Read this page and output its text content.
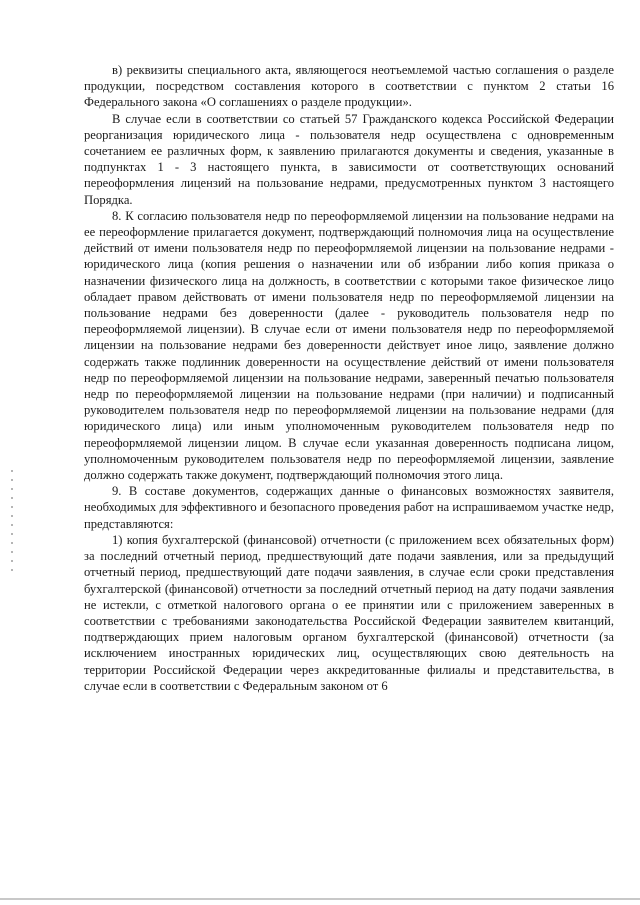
в) реквизиты специального акта, являющегося неотъемлемой частью соглашения о разделе продукции, посредством составления которого в соответствии с пунктом 2 статьи 16 Федерального закона «О соглашениях о разделе продукции».

В случае если в соответствии со статьей 57 Гражданского кодекса Российской Федерации реорганизация юридического лица - пользователя недр осуществлена с одновременным сочетанием ее различных форм, к заявлению прилагаются документы и сведения, указанные в подпунктах 1 - 3 настоящего пункта, в зависимости от соответствующих оснований переоформления лицензий на пользование недрами, предусмотренных пунктом 3 настоящего Порядка.

8. К согласию пользователя недр по переоформляемой лицензии на пользование недрами на ее переоформление прилагается документ, подтверждающий полномочия лица на осуществление действий от имени пользователя недр по переоформляемой лицензии на пользование недрами - юридического лица (копия решения о назначении или об избрании либо копия приказа о назначении физического лица на должность, в соответствии с которыми такое физическое лицо обладает правом действовать от имени пользователя недр по переоформляемой лицензии на пользование недрами без доверенности (далее - руководитель пользователя недр по переоформляемой лицензии). В случае если от имени пользователя недр по переоформляемой лицензии на пользование недрами без доверенности действует иное лицо, заявление должно содержать также подлинник доверенности на осуществление действий от имени пользователя недр по переоформляемой лицензии на пользование недрами, заверенный печатью пользователя недр по переоформляемой лицензии на пользование недрами (при наличии) и подписанный руководителем пользователя недр по переоформляемой лицензии на пользование недрами (для юридического лица) или иным уполномоченным руководителем пользователя недр по переоформляемой лицензии лицом. В случае если указанная доверенность подписана лицом, уполномоченным руководителем пользователя недр по переоформляемой лицензии, заявление должно содержать также документ, подтверждающий полномочия этого лица.

9. В составе документов, содержащих данные о финансовых возможностях заявителя, необходимых для эффективного и безопасного проведения работ на испрашиваемом участке недр, представляются:

1) копия бухгалтерской (финансовой) отчетности (с приложением всех обязательных форм) за последний отчетный период, предшествующий дате подачи заявления, или за предыдущий отчетный период, предшествующий дате подачи заявления, в случае если сроки представления бухгалтерской (финансовой) отчетности за последний отчетный период на дату подачи заявления не истекли, с отметкой налогового органа о ее принятии или с приложением заверенных в соответствии с требованиями законодательства Российской Федерации заявителем квитанций, подтверждающих прием налоговым органом бухгалтерской (финансовой) отчетности (за исключением иностранных юридических лиц, осуществляющих свою деятельность на территории Российской Федерации через аккредитованные филиалы и представительства, в случае если в соответствии с Федеральным законом от 6
